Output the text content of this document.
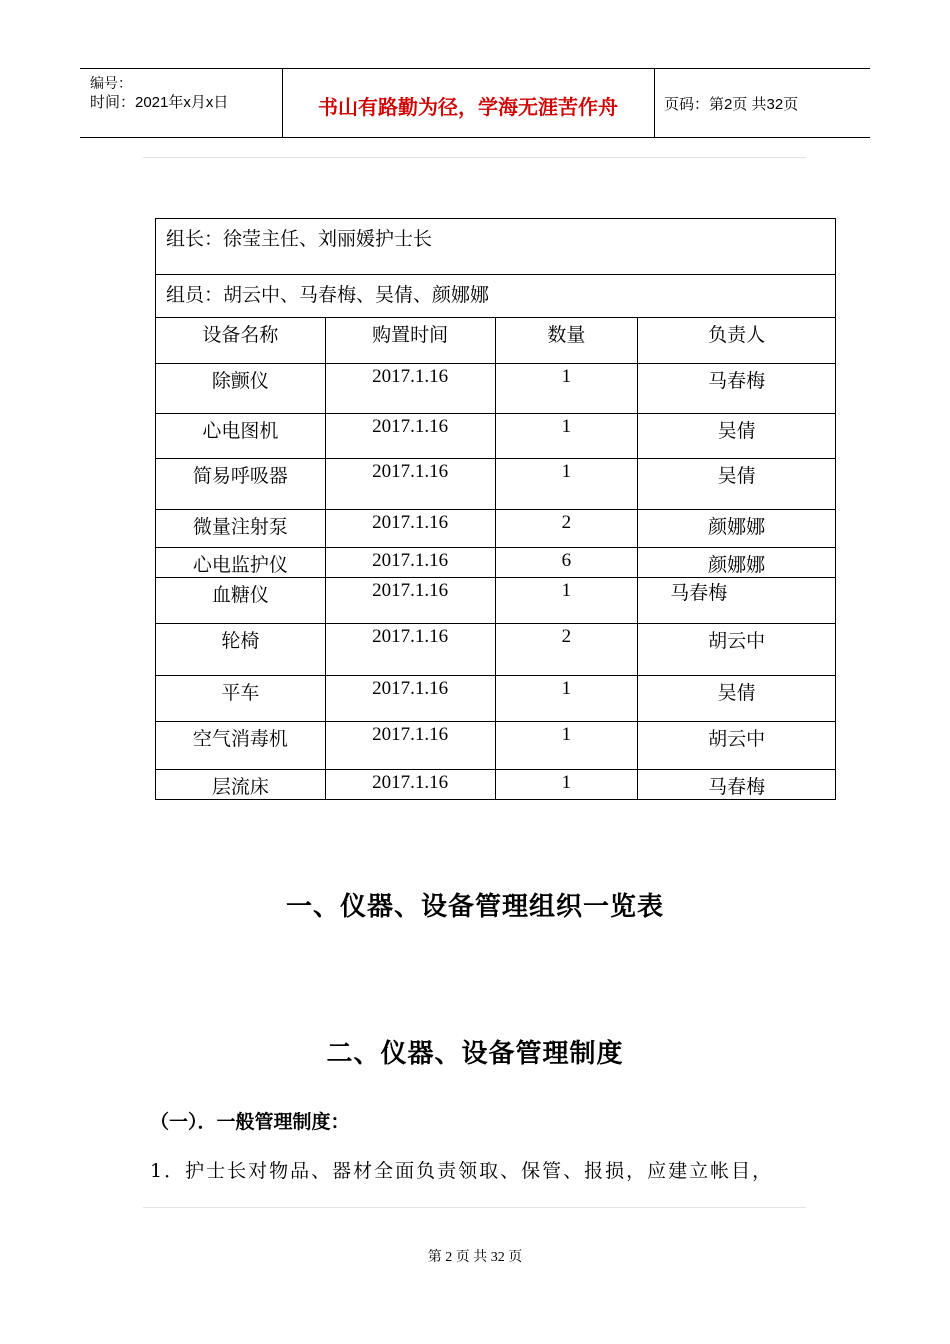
编号：
时间：2021年x月x日	书山有路勤为径，学海无涯苦作舟	页码：第2页 共32页
组长：徐莹主任、刘丽媛护士长			
组员：胡云中、马春梅、吴倩、颜娜娜			
设备名称	购置时间	数量	负责人
除颤仪	2017.1.16	1	马春梅
心电图机	2017.1.16	1	吴倩
简易呼吸器	2017.1.16	1	吴倩
微量注射泵	2017.1.16	2	颜娜娜
心电监护仪	2017.1.16	6	颜娜娜
血糖仪	2017.1.16	1	马春梅
轮椅	2017.1.16	2	胡云中
平车	2017.1.16	1	吴倩
空气消毒机	2017.1.16	1	胡云中
层流床	2017.1.16	1	马春梅
一、仪器、设备管理组织一览表
二、仪器、设备管理制度
（一）．一般管理制度：
1．护士长对物品、器材全面负责领取、保管、报损，应建立帐目，
第 2 页 共 32 页
